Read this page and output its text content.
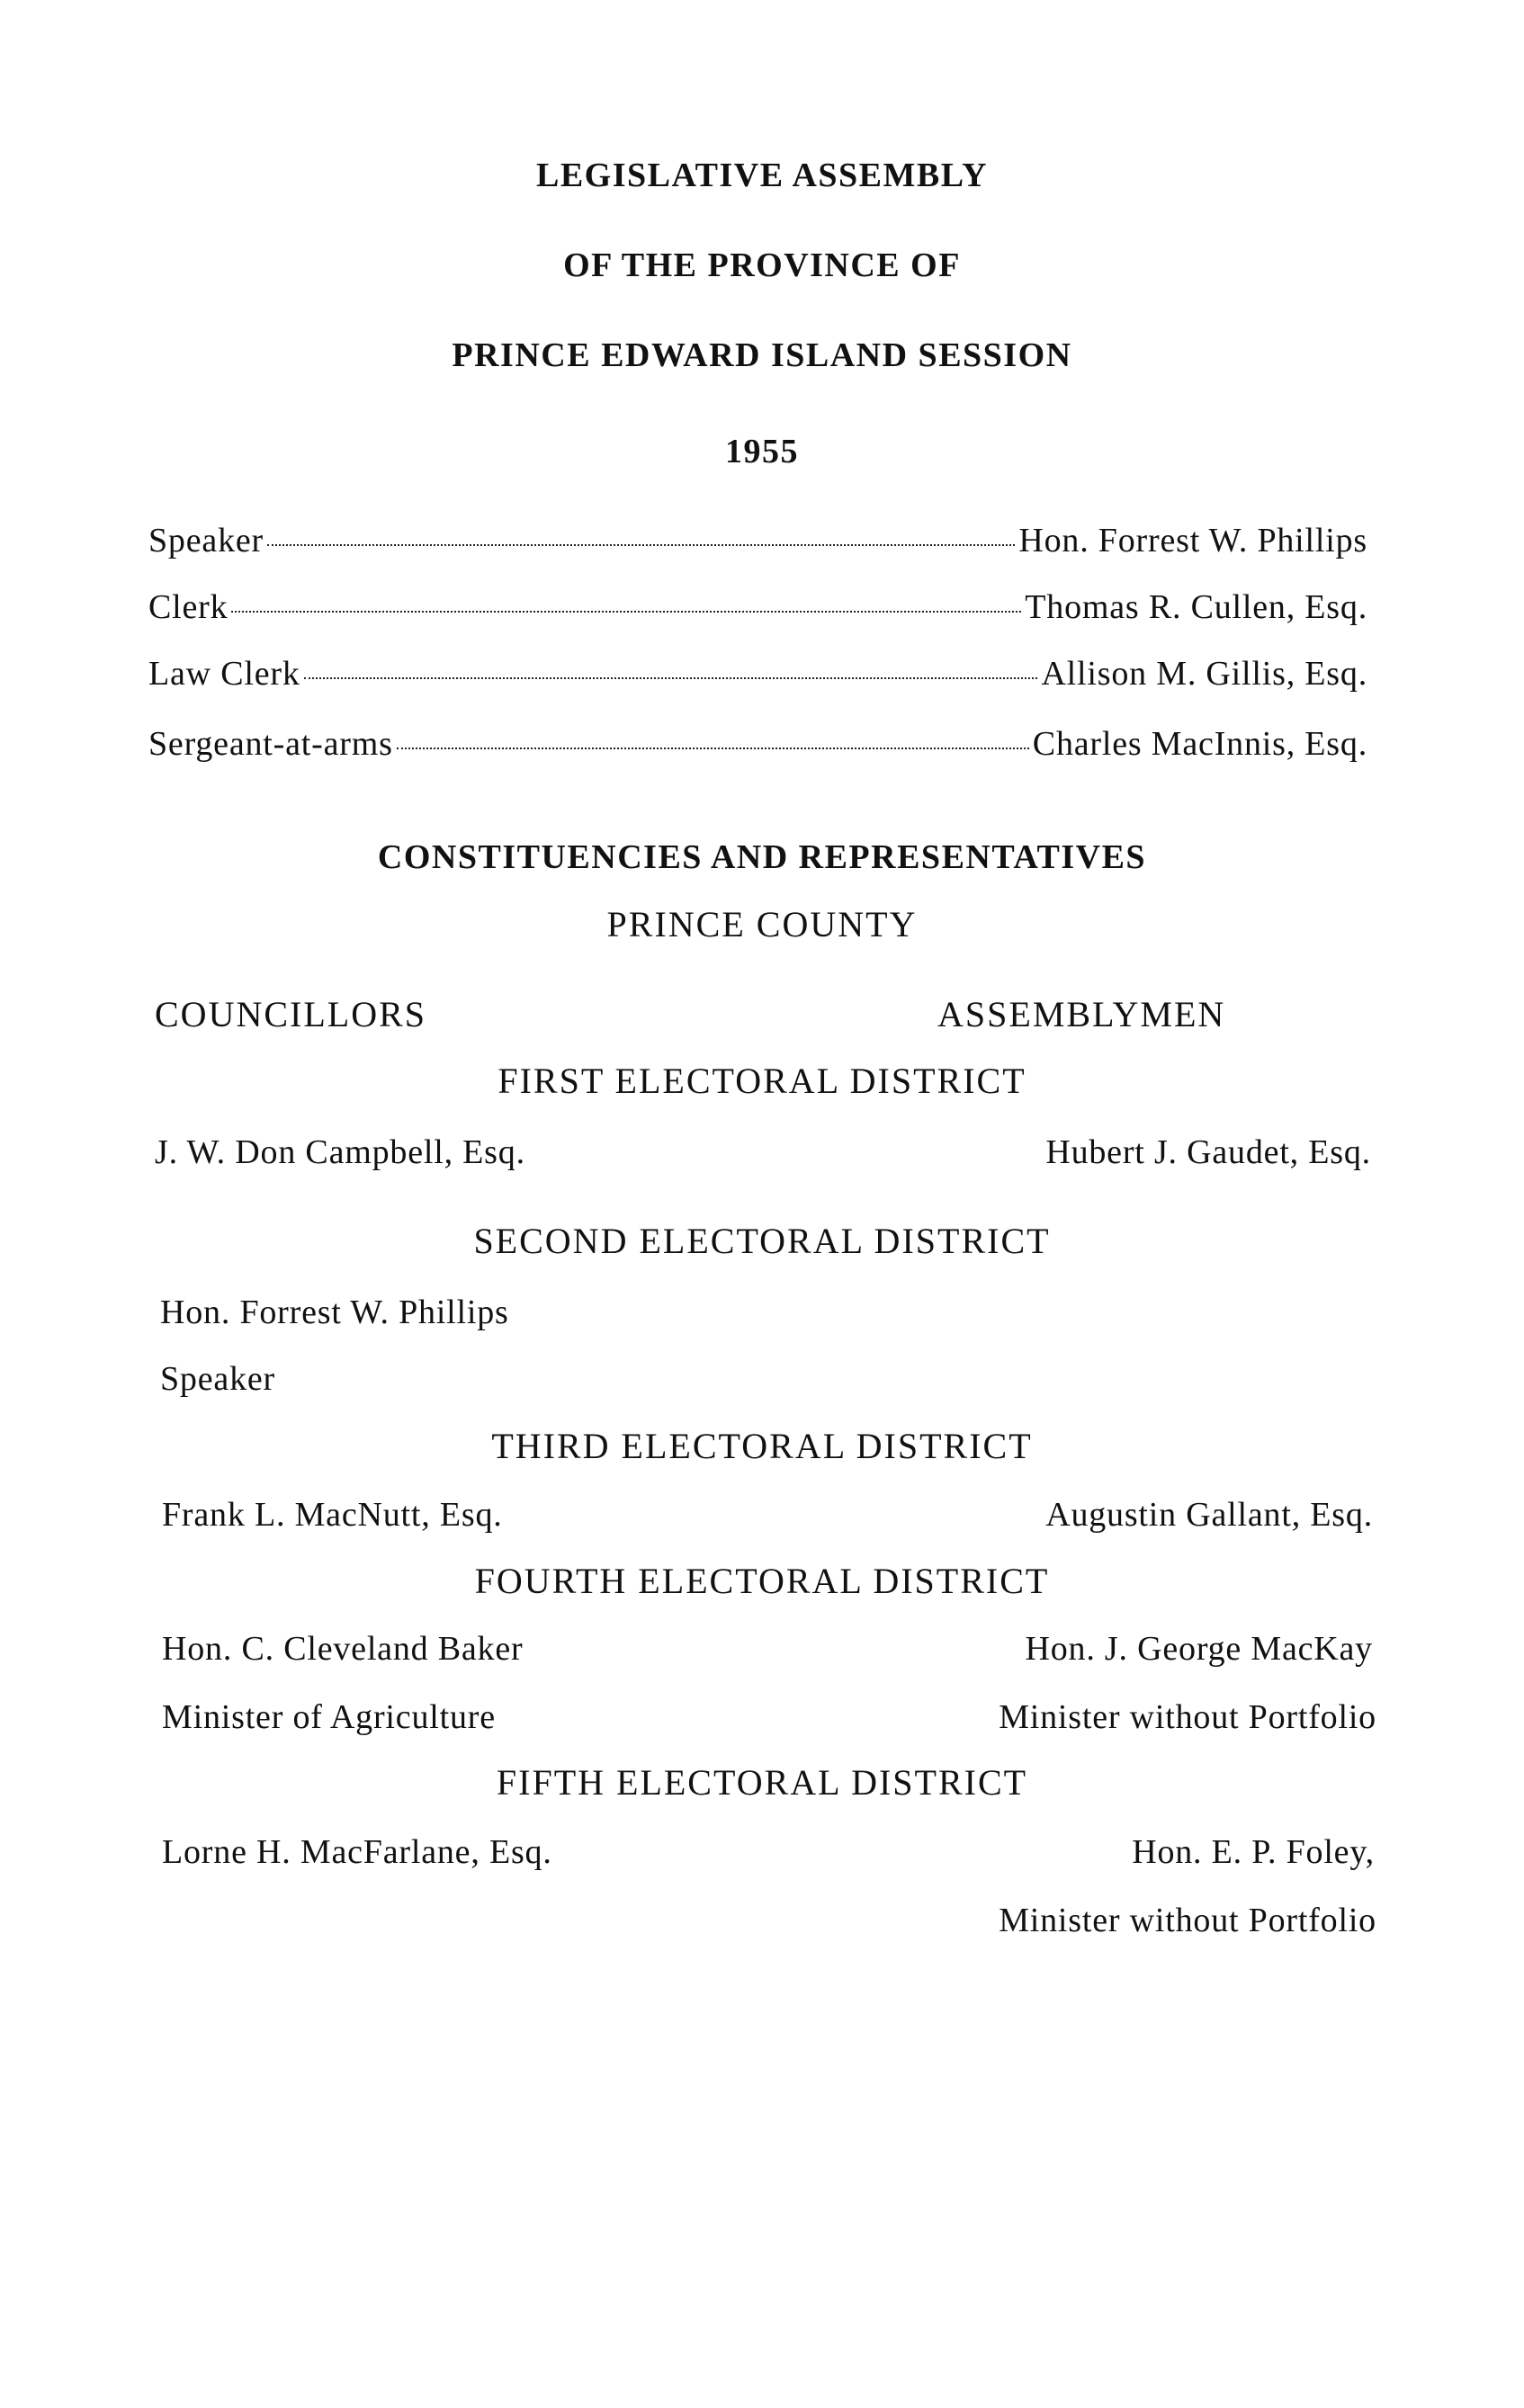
LEGISLATIVE ASSEMBLY
OF THE PROVINCE OF
PRINCE EDWARD ISLAND SESSION
1955
Speaker	Hon. Forrest W. Phillips
Clerk	Thomas R. Cullen, Esq.
Law Clerk	Allison M. Gillis, Esq.
Sergeant-at-arms	Charles MacInnis, Esq.
CONSTITUENCIES AND REPRESENTATIVES
PRINCE COUNTY
COUNCILLORS	ASSEMBLYMEN
FIRST ELECTORAL DISTRICT
J. W. Don Campbell, Esq.	Hubert J. Gaudet, Esq.
SECOND ELECTORAL DISTRICT
Hon. Forrest W. Phillips
Speaker
THIRD ELECTORAL DISTRICT
Frank L. MacNutt, Esq.	Augustin Gallant, Esq.
FOURTH ELECTORAL DISTRICT
Hon. C. Cleveland Baker	Hon. J. George MacKay
Minister of Agriculture	Minister without Portfolio
FIFTH ELECTORAL DISTRICT
Lorne H. MacFarlane, Esq.	Hon. E. P. Foley,
Minister without Portfolio
